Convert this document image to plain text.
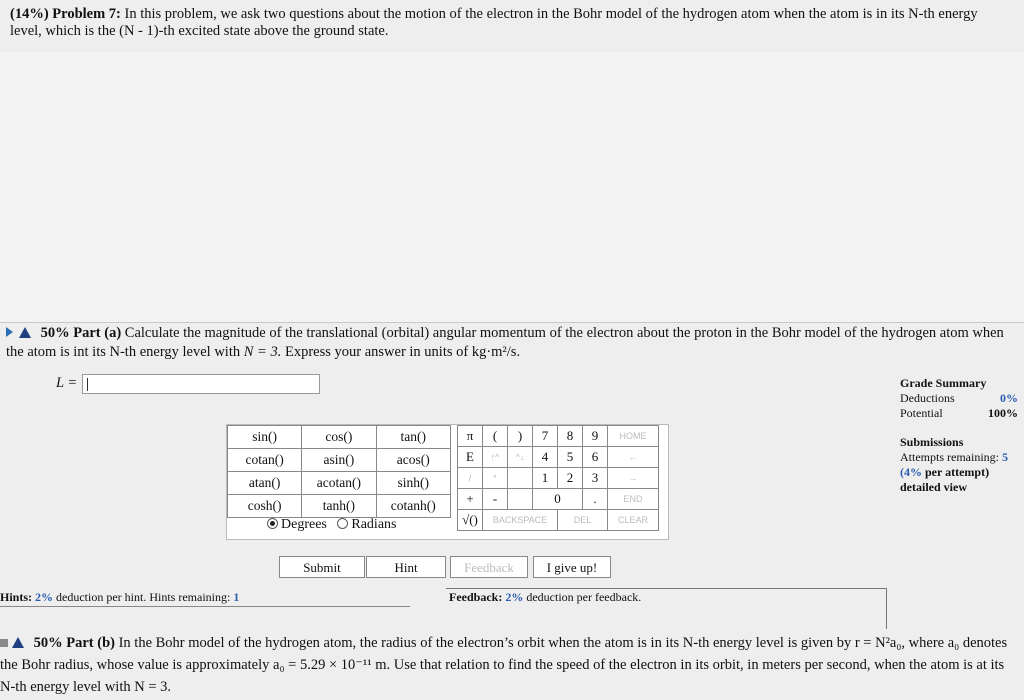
(14%) Problem 7: In this problem, we ask two questions about the motion of the electron in the Bohr model of the hydrogen atom when the atom is in its N-th energy level, which is the (N - 1)-th excited state above the ground state.
50% Part (a) Calculate the magnitude of the translational (orbital) angular momentum of the electron about the proton in the Bohr model of the hydrogen atom when the atom is int its N-th energy level with N = 3. Express your answer in units of kg·m²/s.
L =	Grade Summary
Deductions	0%
Potential	100%
Submissions
Attempts remaining: 5
(4% per attempt)
detailed view
sin()	cos()	tan()
cotan()	asin()	acos()
atan()	acotan()	sinh()
cosh()	tanh()	cotanh()
Degrees Radians
π	(	)	7	8	9	HOME
E	↑^	^↓	4	5	6	←
/	*		1	2	3	→
+	-		0		.	END
√()	BACKSPACE			DEL		CLEAR
Submit	Hint	Feedback	I give up!
Hints: 2% deduction per hint. Hints remaining: 1	Feedback: 2% deduction per feedback.
50% Part (b) In the Bohr model of the hydrogen atom, the radius of the electron’s orbit when the atom is in its N-th energy level is given by r = N²a₀, where a₀ denotes the Bohr radius, whose value is approximately a₀ = 5.29 × 10⁻¹¹ m. Use that relation to find the speed of the electron in its orbit, in meters per second, when the atom is at its N-th energy level with N = 3.
